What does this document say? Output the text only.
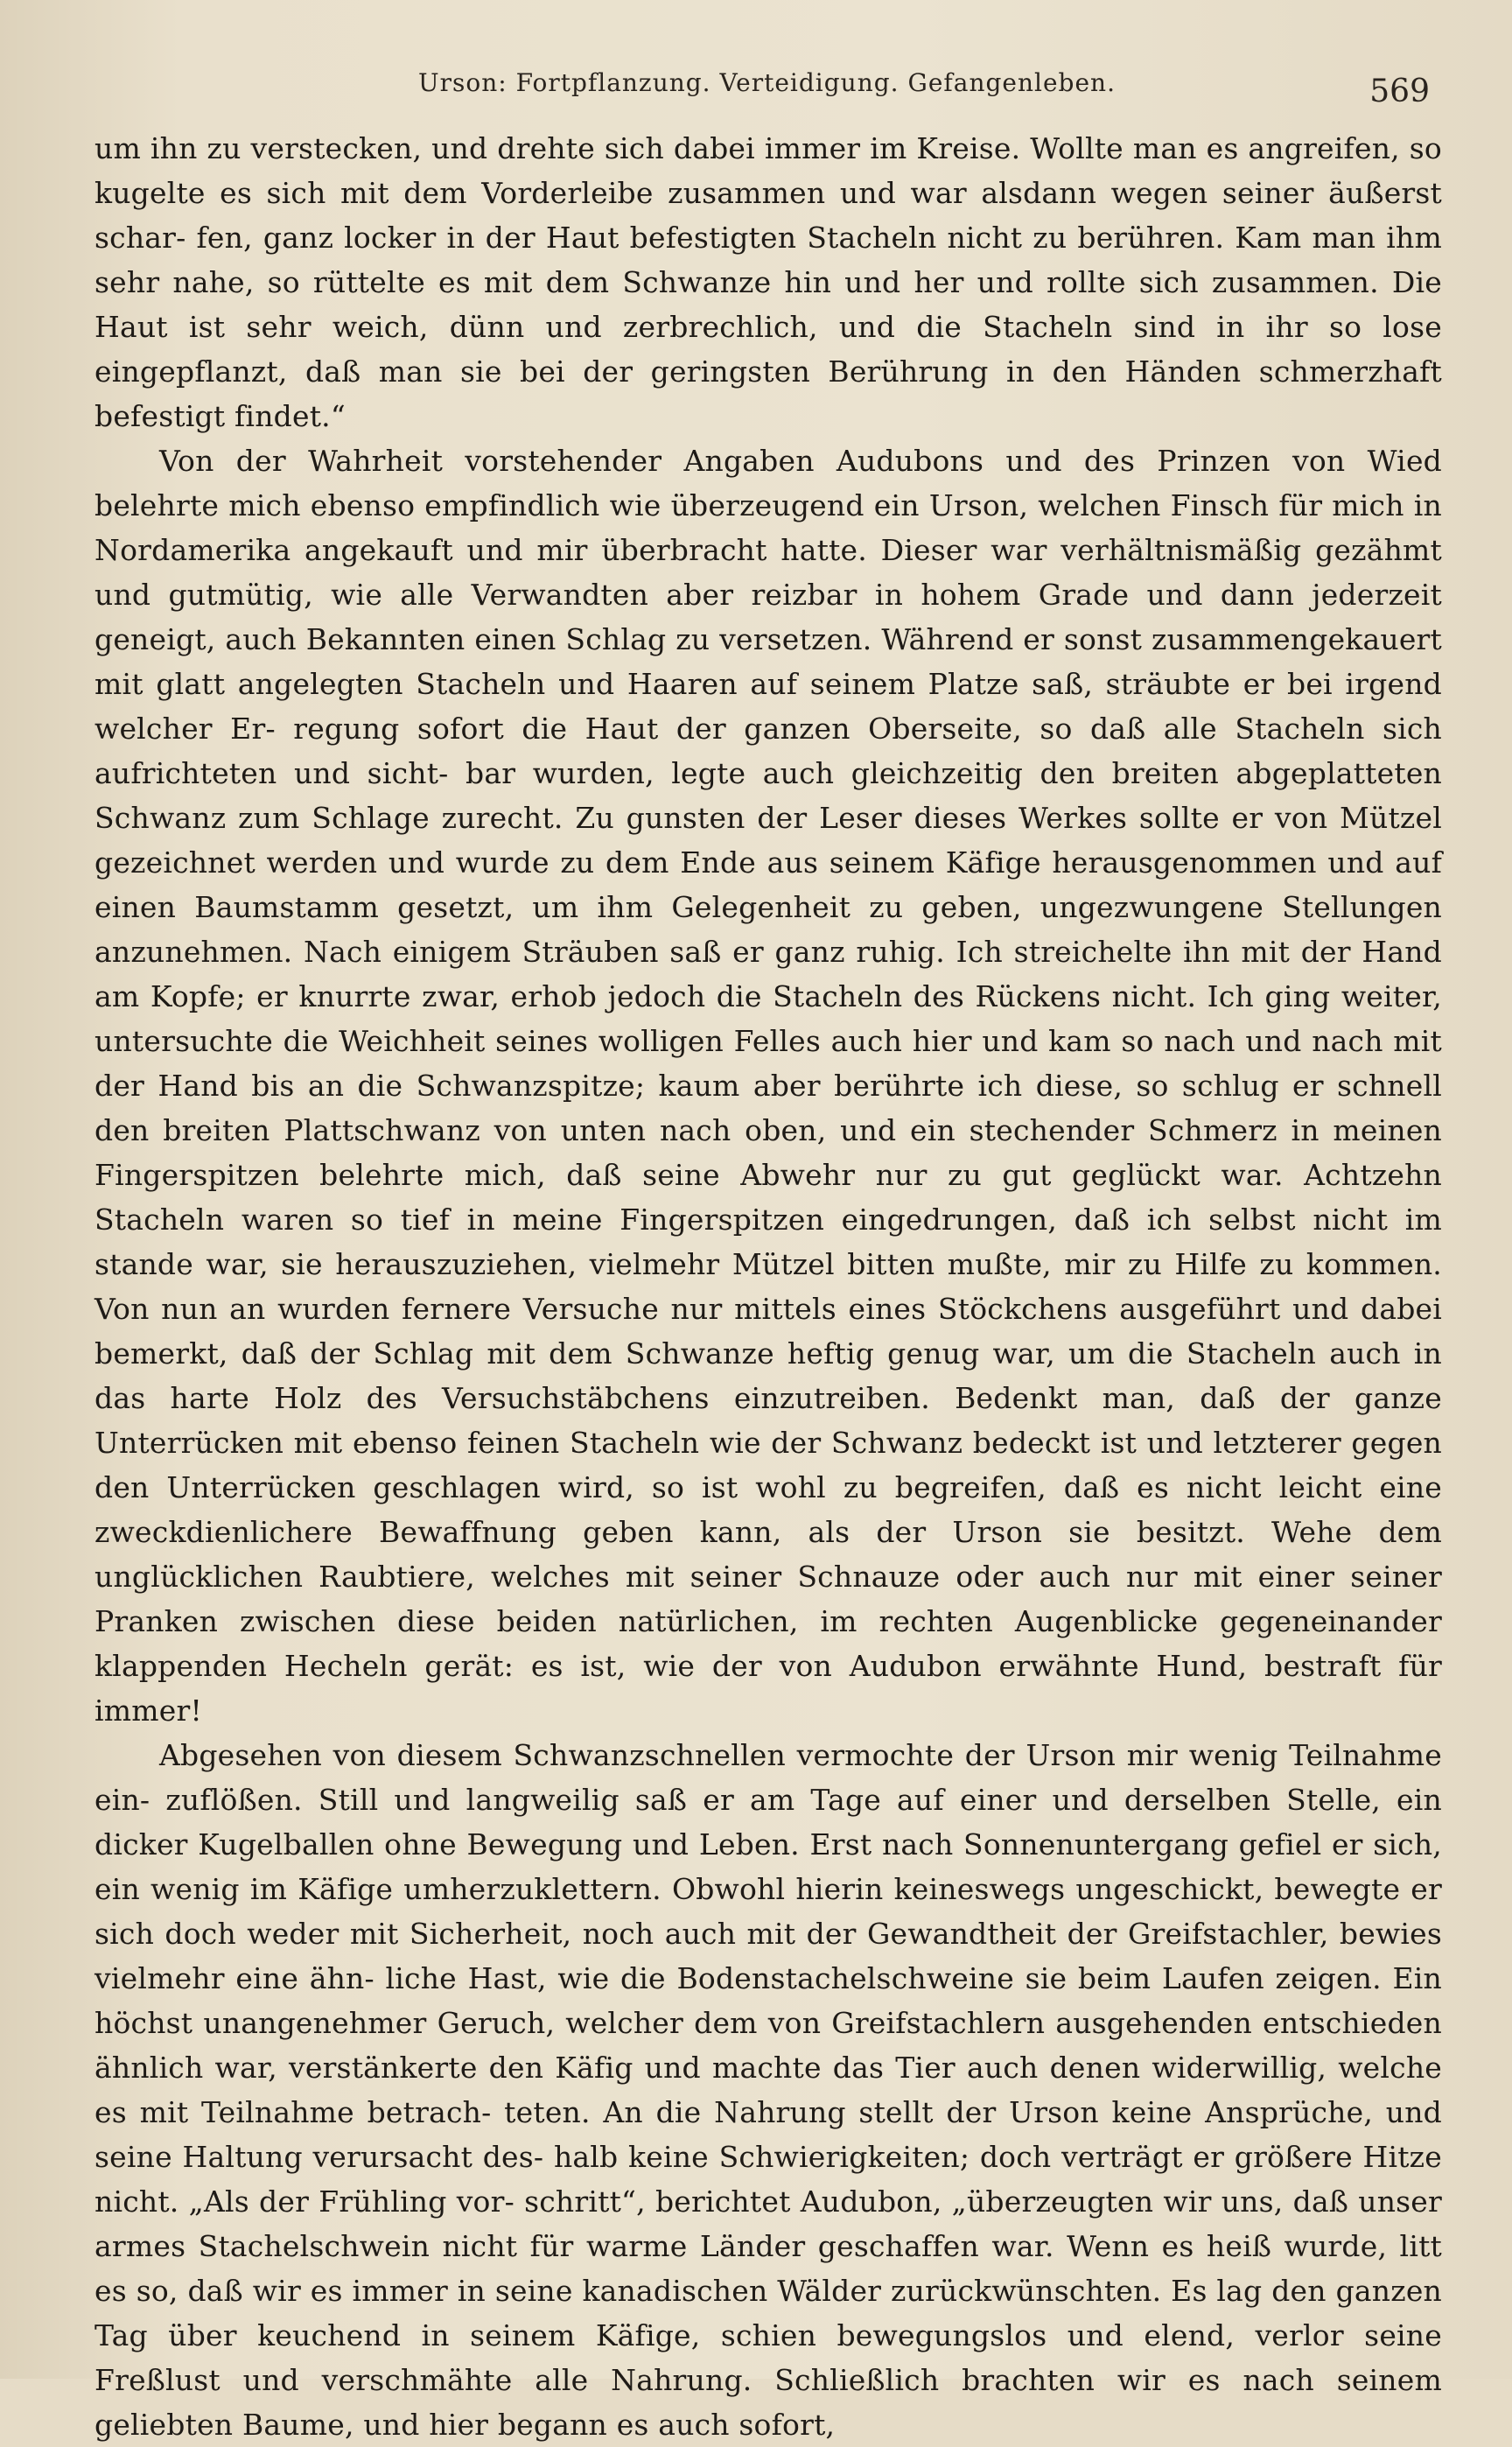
Urson: Fortpflanzung. Verteidigung. Gefangenleben.	569

um ihn zu verstecken, und drehte sich dabei immer im Kreise. Wollte man es angreifen, so kugelte es sich mit dem Vorderleibe zusammen und war alsdann wegen seiner äußerst schar- fen, ganz locker in der Haut befestigten Stacheln nicht zu berühren. Kam man ihm sehr nahe, so rüttelte es mit dem Schwanze hin und her und rollte sich zusammen. Die Haut ist sehr weich, dünn und zerbrechlich, und die Stacheln sind in ihr so lose eingepflanzt, daß man sie bei der geringsten Berührung in den Händen schmerzhaft befestigt findet.“

Von der Wahrheit vorstehender Angaben Audubons und des Prinzen von Wied belehrte mich ebenso empfindlich wie überzeugend ein Urson, welchen Finsch für mich in Nordamerika angekauft und mir überbracht hatte. Dieser war verhältnismäßig gezähmt und gutmütig, wie alle Verwandten aber reizbar in hohem Grade und dann jederzeit geneigt, auch Bekannten einen Schlag zu versetzen. Während er sonst zusammengekauert mit glatt angelegten Stacheln und Haaren auf seinem Platze saß, sträubte er bei irgend welcher Er- regung sofort die Haut der ganzen Oberseite, so daß alle Stacheln sich aufrichteten und sicht- bar wurden, legte auch gleichzeitig den breiten abgeplatteten Schwanz zum Schlage zurecht. Zu gunsten der Leser dieses Werkes sollte er von Mützel gezeichnet werden und wurde zu dem Ende aus seinem Käfige herausgenommen und auf einen Baumstamm gesetzt, um ihm Gelegenheit zu geben, ungezwungene Stellungen anzunehmen. Nach einigem Sträuben saß er ganz ruhig. Ich streichelte ihn mit der Hand am Kopfe; er knurrte zwar, erhob jedoch die Stacheln des Rückens nicht. Ich ging weiter, untersuchte die Weichheit seines wolligen Felles auch hier und kam so nach und nach mit der Hand bis an die Schwanzspitze; kaum aber berührte ich diese, so schlug er schnell den breiten Plattschwanz von unten nach oben, und ein stechender Schmerz in meinen Fingerspitzen belehrte mich, daß seine Abwehr nur zu gut geglückt war. Achtzehn Stacheln waren so tief in meine Fingerspitzen eingedrungen, daß ich selbst nicht im stande war, sie herauszuziehen, vielmehr Mützel bitten mußte, mir zu Hilfe zu kommen. Von nun an wurden fernere Versuche nur mittels eines Stöckchens ausgeführt und dabei bemerkt, daß der Schlag mit dem Schwanze heftig genug war, um die Stacheln auch in das harte Holz des Versuchstäbchens einzutreiben. Bedenkt man, daß der ganze Unterrücken mit ebenso feinen Stacheln wie der Schwanz bedeckt ist und letzterer gegen den Unterrücken geschlagen wird, so ist wohl zu begreifen, daß es nicht leicht eine zweckdienlichere Bewaffnung geben kann, als der Urson sie besitzt. Wehe dem unglücklichen Raubtiere, welches mit seiner Schnauze oder auch nur mit einer seiner Pranken zwischen diese beiden natürlichen, im rechten Augenblicke gegeneinander klappenden Hecheln gerät: es ist, wie der von Audubon erwähnte Hund, bestraft für immer!

Abgesehen von diesem Schwanzschnellen vermochte der Urson mir wenig Teilnahme ein- zuflößen. Still und langweilig saß er am Tage auf einer und derselben Stelle, ein dicker Kugelballen ohne Bewegung und Leben. Erst nach Sonnenuntergang gefiel er sich, ein wenig im Käfige umherzuklettern. Obwohl hierin keineswegs ungeschickt, bewegte er sich doch weder mit Sicherheit, noch auch mit der Gewandtheit der Greifstachler, bewies vielmehr eine ähn- liche Hast, wie die Bodenstachelschweine sie beim Laufen zeigen. Ein höchst unangenehmer Geruch, welcher dem von Greifstachlern ausgehenden entschieden ähnlich war, verstänkerte den Käfig und machte das Tier auch denen widerwillig, welche es mit Teilnahme betrach- teten. An die Nahrung stellt der Urson keine Ansprüche, und seine Haltung verursacht des- halb keine Schwierigkeiten; doch verträgt er größere Hitze nicht. „Als der Frühling vor- schritt“, berichtet Audubon, „überzeugten wir uns, daß unser armes Stachelschwein nicht für warme Länder geschaffen war. Wenn es heiß wurde, litt es so, daß wir es immer in seine kanadischen Wälder zurückwünschten. Es lag den ganzen Tag über keuchend in seinem Käfige, schien bewegungslos und elend, verlor seine Freßlust und verschmähte alle Nahrung. Schließlich brachten wir es nach seinem geliebten Baume, und hier begann es auch sofort,
